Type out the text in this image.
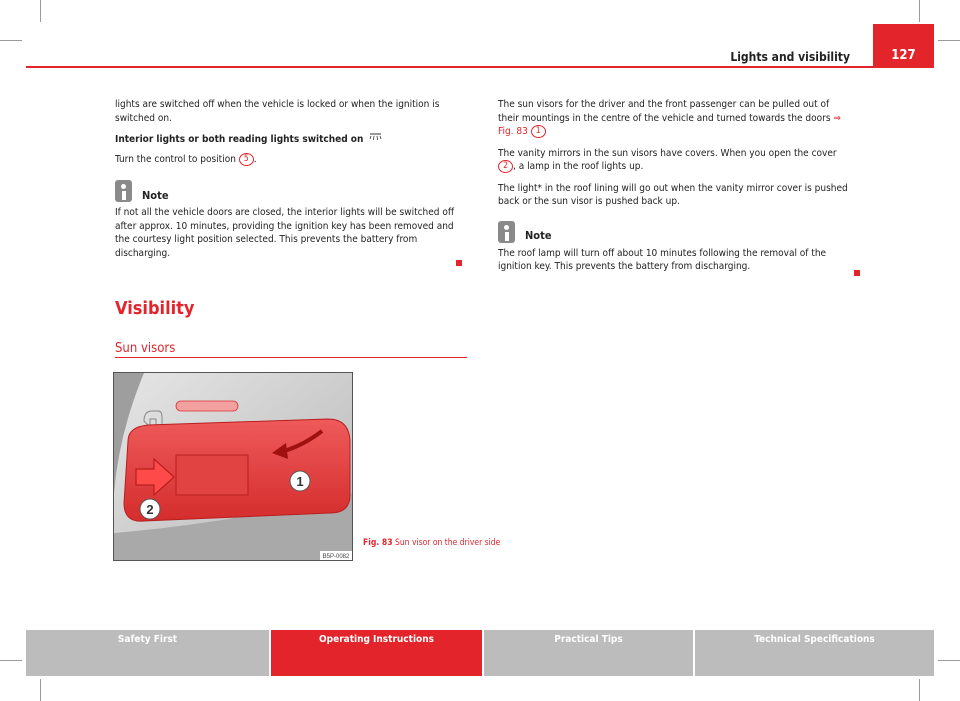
Lights and visibility	127

lights are switched off when the vehicle is locked or when the ignition is switched on.

Interior lights or both reading lights switched on

Turn the control to position 5 .

Note

If not all the vehicle doors are closed, the interior lights will be switched off after approx. 10 minutes, providing the ignition key has been removed and the courtesy light position selected. This prevents the battery from discharging.

Visibility
Sun visors
1
2
B5P-0082
Fig. 83 Sun visor on the driver side

The sun visors for the driver and the front passenger can be pulled out of their mountings in the centre of the vehicle and turned towards the doors ⇒ Fig. 83 1

The vanity mirrors in the sun visors have covers. When you open the cover 2 , a lamp in the roof lights up.

The light* in the roof lining will go out when the vanity mirror cover is pushed back or the sun visor is pushed back up.

Note

The roof lamp will turn off about 10 minutes following the removal of the ignition key. This prevents the battery from discharging.

Safety First	Operating Instructions	Practical Tips	Technical Specifications
